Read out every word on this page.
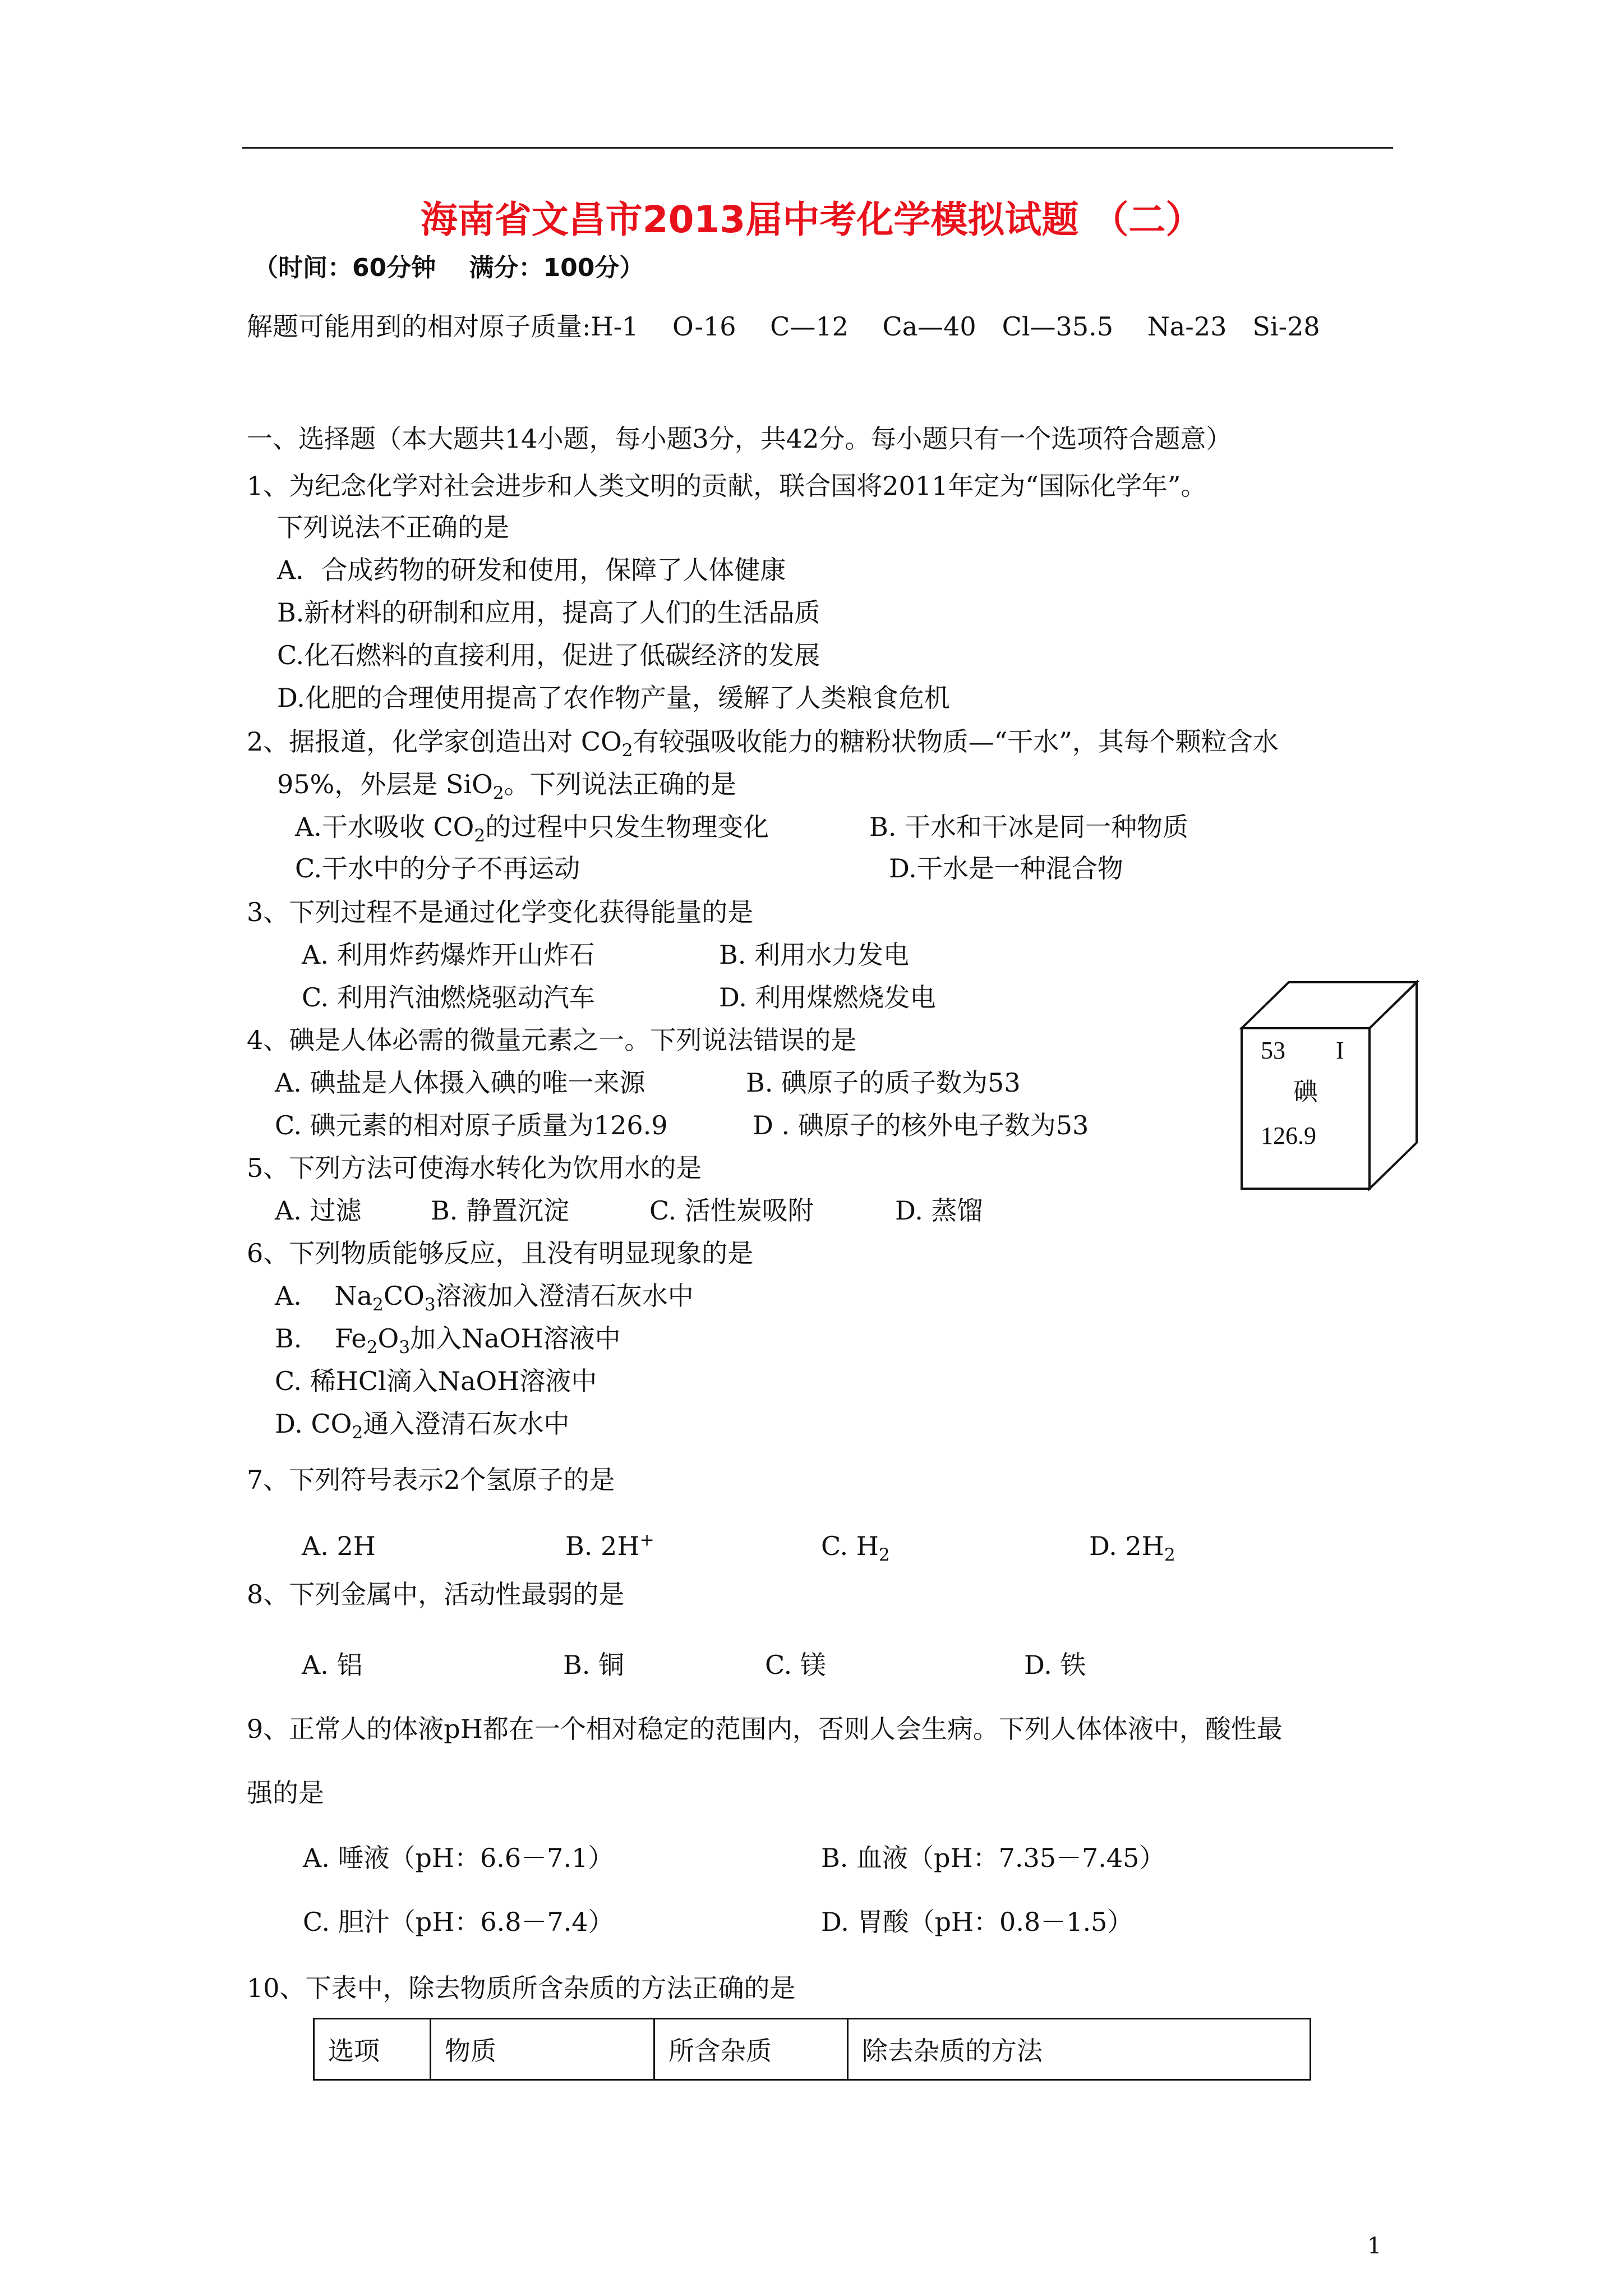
海南省文昌市2013届中考化学模拟试题 （二）
（时间：60分钟　 满分：100分）
解题可能用到的相对原子质量:H-1　 O-16　 C—12　 Ca—40　Cl—35.5　 Na-23　Si-28
一、选择题（本大题共14小题，每小题3分，共42分。每小题只有一个选项符合题意）
1、为纪念化学对社会进步和人类文明的贡献，联合国将2011年定为“国际化学年”。
下列说法不正确的是
A．合成药物的研发和使用，保障了人体健康
B.新材料的研制和应用，提高了人们的生活品质
C.化石燃料的直接利用，促进了低碳经济的发展
D.化肥的合理使用提高了农作物产量，缓解了人类粮食危机
2、据报道，化学家创造出对 $CO_2$有较强吸收能力的糖粉状物质—“干水”，其每个颗粒含水
95%，外层是 SiO$_2$。下列说法正确的是
A.干水吸收 $CO_2$的过程中只发生物理变化	B. 干水和干冰是同一种物质
C.干水中的分子不再运动	D.干水是一种混合物
3、下列过程不是通过化学变化获得能量的是
A. 利用炸药爆炸开山炸石	B. 利用水力发电
C. 利用汽油燃烧驱动汽车	D. 利用煤燃烧发电
4、碘是人体必需的微量元素之一。下列说法错误的是
A. 碘盐是人体摄入碘的唯一来源	B. 碘原子的质子数为53
C. 碘元素的相对原子质量为126.9	D . 碘原子的核外电子数为53
53 I
碘
126.9
5、下列方法可使海水转化为饮用水的是
A. 过滤	B. 静置沉淀	C. 活性炭吸附	D. 蒸馏
6、下列物质能够反应，且没有明显现象的是
A. $Na_2CO_3$溶液加入澄清石灰水中
B. $Fe_2O_3$加入NaOH溶液中
C. 稀HCl滴入NaOH溶液中
D. $CO_2$通入澄清石灰水中
7、下列符号表示2个氢原子的是
A. 2H	B. 2H+	C. $H_2$	D. $2H_2$
8、下列金属中，活动性最弱的是
A. 铝	B. 铜	C. 镁	D. 铁
9、正常人的体液pH都在一个相对稳定的范围内，否则人会生病。下列人体体液中，酸性最
强的是
A. 唾液（pH：6.6－7.1）	B. 血液（pH：7.35－7.45）
C. 胆汁（pH：6.8－7.4）	D. 胃酸（pH：0.8－1.5）
10、下表中，除去物质所含杂质的方法正确的是
选项	物质	所含杂质	除去杂质的方法
1
